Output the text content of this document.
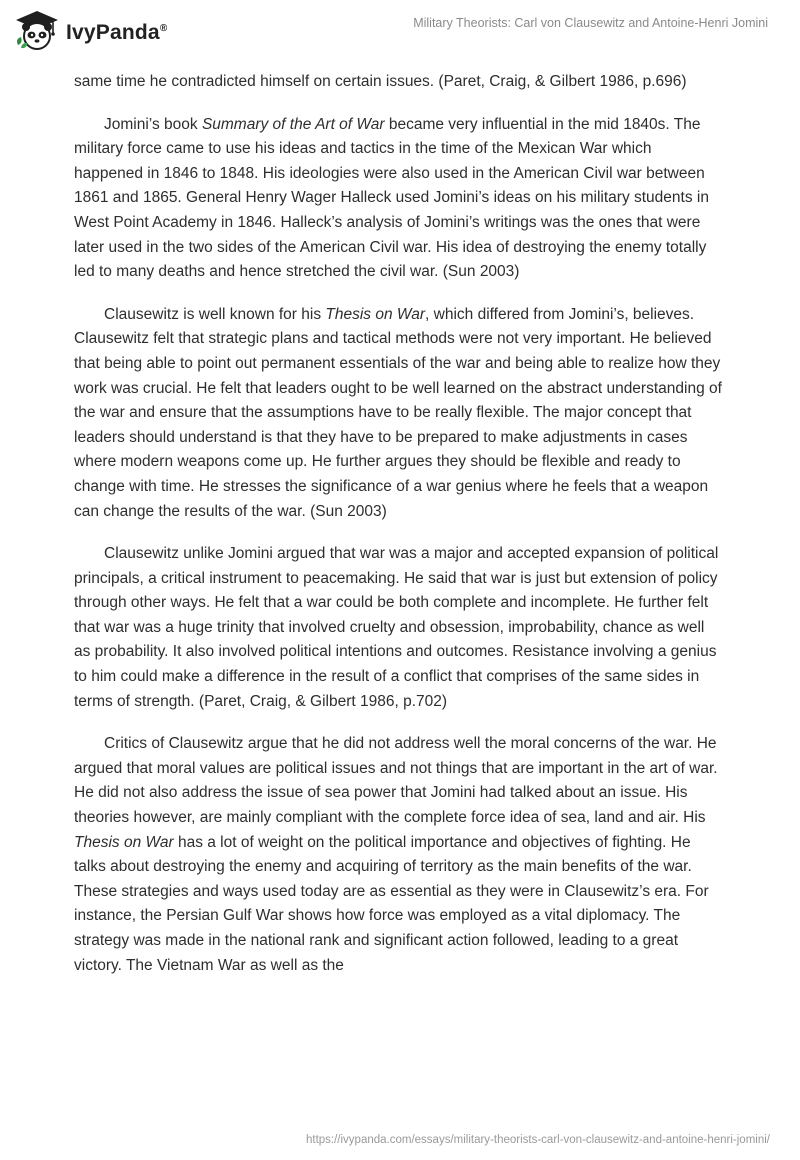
IvyPanda®	Military Theorists: Carl von Clausewitz and Antoine-Henri Jomini

same time he contradicted himself on certain issues. (Paret, Craig, & Gilbert 1986, p.696)

Jomini’s book Summary of the Art of War became very influential in the mid 1840s. The military force came to use his ideas and tactics in the time of the Mexican War which happened in 1846 to 1848. His ideologies were also used in the American Civil war between 1861 and 1865. General Henry Wager Halleck used Jomini’s ideas on his military students in West Point Academy in 1846. Halleck’s analysis of Jomini’s writings was the ones that were later used in the two sides of the American Civil war. His idea of destroying the enemy totally led to many deaths and hence stretched the civil war. (Sun 2003)

Clausewitz is well known for his Thesis on War, which differed from Jomini’s, believes. Clausewitz felt that strategic plans and tactical methods were not very important. He believed that being able to point out permanent essentials of the war and being able to realize how they work was crucial. He felt that leaders ought to be well learned on the abstract understanding of the war and ensure that the assumptions have to be really flexible. The major concept that leaders should understand is that they have to be prepared to make adjustments in cases where modern weapons come up. He further argues they should be flexible and ready to change with time. He stresses the significance of a war genius where he feels that a weapon can change the results of the war. (Sun 2003)

Clausewitz unlike Jomini argued that war was a major and accepted expansion of political principals, a critical instrument to peacemaking. He said that war is just but extension of policy through other ways. He felt that a war could be both complete and incomplete. He further felt that war was a huge trinity that involved cruelty and obsession, improbability, chance as well as probability. It also involved political intentions and outcomes. Resistance involving a genius to him could make a difference in the result of a conflict that comprises of the same sides in terms of strength. (Paret, Craig, & Gilbert 1986, p.702)

Critics of Clausewitz argue that he did not address well the moral concerns of the war. He argued that moral values are political issues and not things that are important in the art of war. He did not also address the issue of sea power that Jomini had talked about an issue. His theories however, are mainly compliant with the complete force idea of sea, land and air. His Thesis on War has a lot of weight on the political importance and objectives of fighting. He talks about destroying the enemy and acquiring of territory as the main benefits of the war. These strategies and ways used today are as essential as they were in Clausewitz’s era. For instance, the Persian Gulf War shows how force was employed as a vital diplomacy. The strategy was made in the national rank and significant action followed, leading to a great victory. The Vietnam War as well as the

https://ivypanda.com/essays/military-theorists-carl-von-clausewitz-and-antoine-henri-jomini/
